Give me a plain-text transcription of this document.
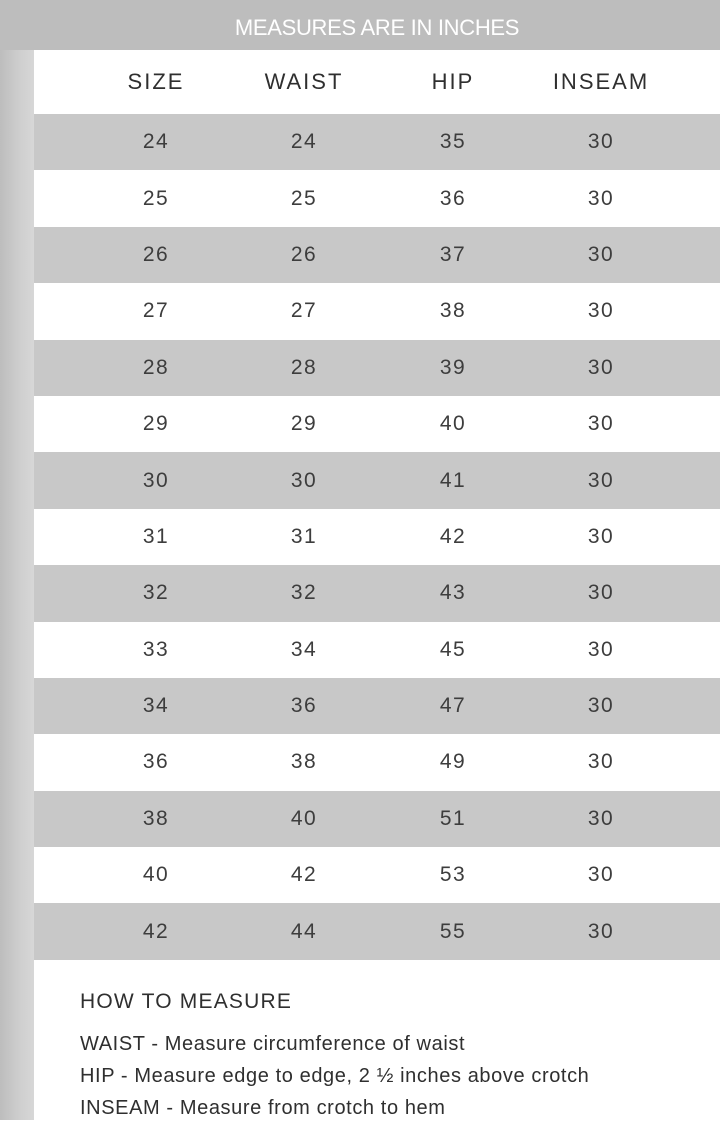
MEASURES ARE IN INCHES
SIZE	WAIST	HIP	INSEAM
24	24	35	30
25	25	36	30
26	26	37	30
27	27	38	30
28	28	39	30
29	29	40	30
30	30	41	30
31	31	42	30
32	32	43	30
33	34	45	30
34	36	47	30
36	38	49	30
38	40	51	30
40	42	53	30
42	44	55	30
HOW TO MEASURE
WAIST - Measure circumference of waist
HIP - Measure edge to edge, 2 ½ inches above crotch
INSEAM - Measure from crotch to hem
